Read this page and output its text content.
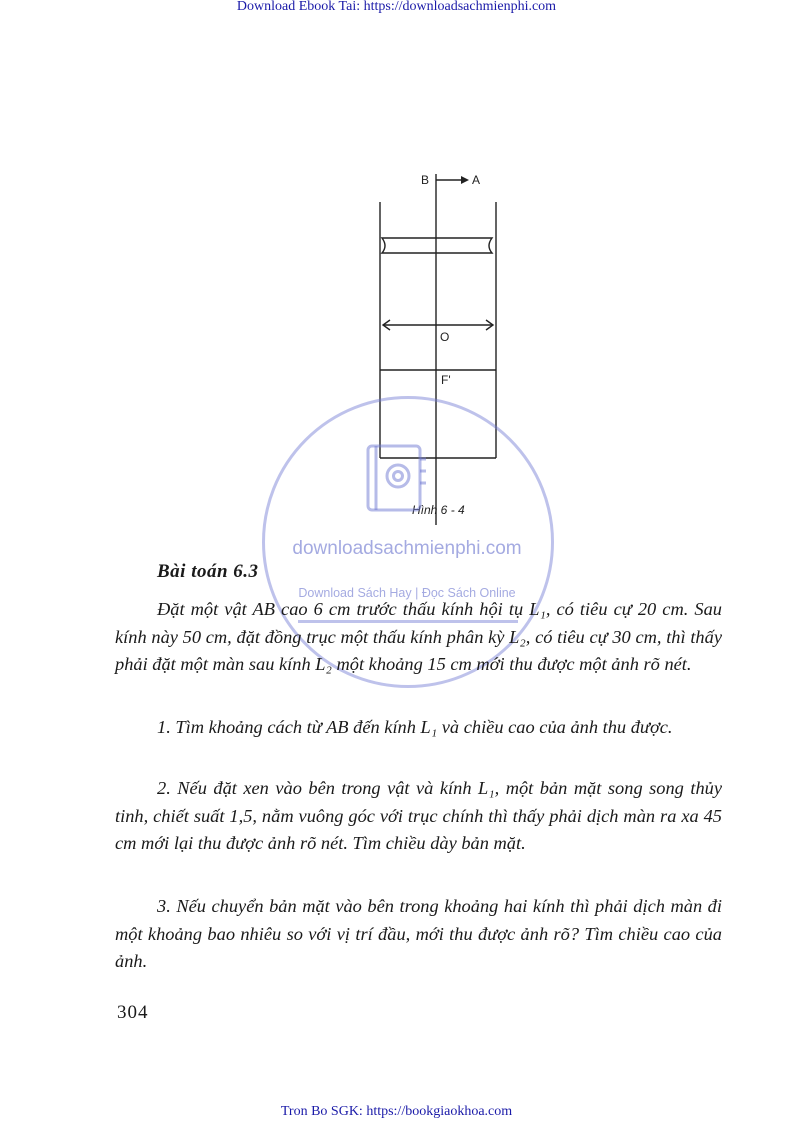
Download Ebook Tai: https://downloadsachmienphi.com
B	A
O
F'
Hình 6 - 4
downloadsachmienphi.com
Download Sách Hay | Đọc Sách Online
Bài toán 6.3

Đặt một vật AB cao 6 cm trước thấu kính hội tụ L₁, có tiêu cự 20 cm. Sau kính này 50 cm, đặt đồng trục một thấu kính phân kỳ L₂, có tiêu cự 30 cm, thì thấy phải đặt một màn sau kính L₂ một khoảng 15 cm mới thu được một ảnh rõ nét.

1. Tìm khoảng cách từ AB đến kính L₁ và chiều cao của ảnh thu được.

2. Nếu đặt xen vào bên trong vật và kính L₁, một bản mặt song song thủy tinh, chiết suất 1,5, nằm vuông góc với trục chính thì thấy phải dịch màn ra xa 45 cm mới lại thu được ảnh rõ nét. Tìm chiều dày bản mặt.

3. Nếu chuyển bản mặt vào bên trong khoảng hai kính thì phải dịch màn đi một khoảng bao nhiêu so với vị trí đầu, mới thu được ảnh rõ? Tìm chiều cao của ảnh.

304
Tron Bo SGK: https://bookgiaokhoa.com
